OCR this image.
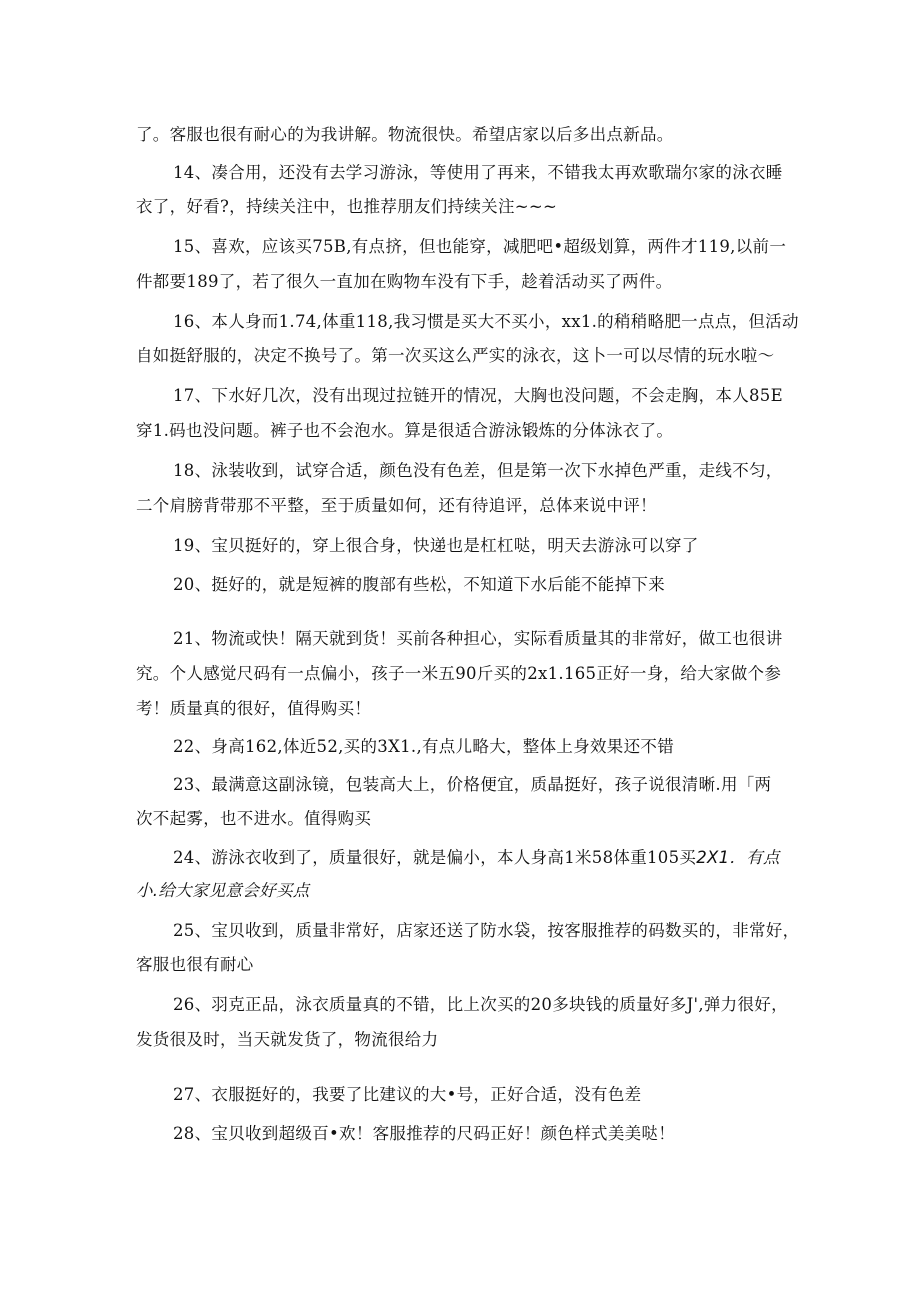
了。客服也很有耐心的为我讲解。物流很快。希望店家以后多出点新品。
14、凑合用，还没有去学习游泳，等使用了再来，不错我太再欢歌瑞尔家的泳衣睡
衣了，好看?，持续关注中，也推荐朋友们持续关注~~~
15、喜欢，应该买75B,有点挤，但也能穿，减肥吧•超级划算，两件才119,以前一
件都要189了，若了很久一直加在购物车没有下手，趁着活动买了两件。
16、本人身而1.74,体重118,我习惯是买大不买小，xx1.的稍稍略肥一点点，但活动
自如挺舒服的，决定不换号了。第一次买这么严实的泳衣，这卜一可以尽情的玩水啦～
17、下水好几次，没有出现过拉链开的情况，大胸也没问题，不会走胸，本人85E
穿1.码也没问题。裤子也不会泡水。算是很适合游泳锻炼的分体泳衣了。
18、泳装收到，试穿合适，颜色没有色差，但是第一次下水掉色严重，走线不匀，
二个肩膀背带那不平整，至于质量如何，还有待追评，总体来说中评！
19、宝贝挺好的，穿上很合身，快递也是杠杠哒，明天去游泳可以穿了
20、挺好的，就是短裤的腹部有些松，不知道下水后能不能掉下来
21、物流或快！隔天就到货！买前各种担心，实际看质量其的非常好，做工也很讲
究。个人感觉尺码有一点偏小，孩子一米五90斤买的2x1.165正好一身，给大家做个参
考！质量真的很好，值得购买！
22、身高162,体近52,买的3X1.,有点儿略大，整体上身效果还不错
23、最满意这副泳镜，包装高大上，价格便宜，质晶挺好，孩子说很清晰.用「两
次不起雾，也不进水。值得购买
24、游泳衣收到了，质量很好，就是偏小，本人身高1米58体重105买2X1．有点
小.给大家见意会好买点
25、宝贝收到，质量非常好，店家还送了防水袋，按客服推荐的码数买的，非常好，
客服也很有耐心
26、羽克正品，泳衣质量真的不错，比上次买的20多块钱的质量好多J',弹力很好，
发货很及时，当天就发货了，物流很给力
27、衣服挺好的，我要了比建议的大•号，正好合适，没有色差
28、宝贝收到超级百•欢！客服推荐的尺码正好！颜色样式美美哒！
